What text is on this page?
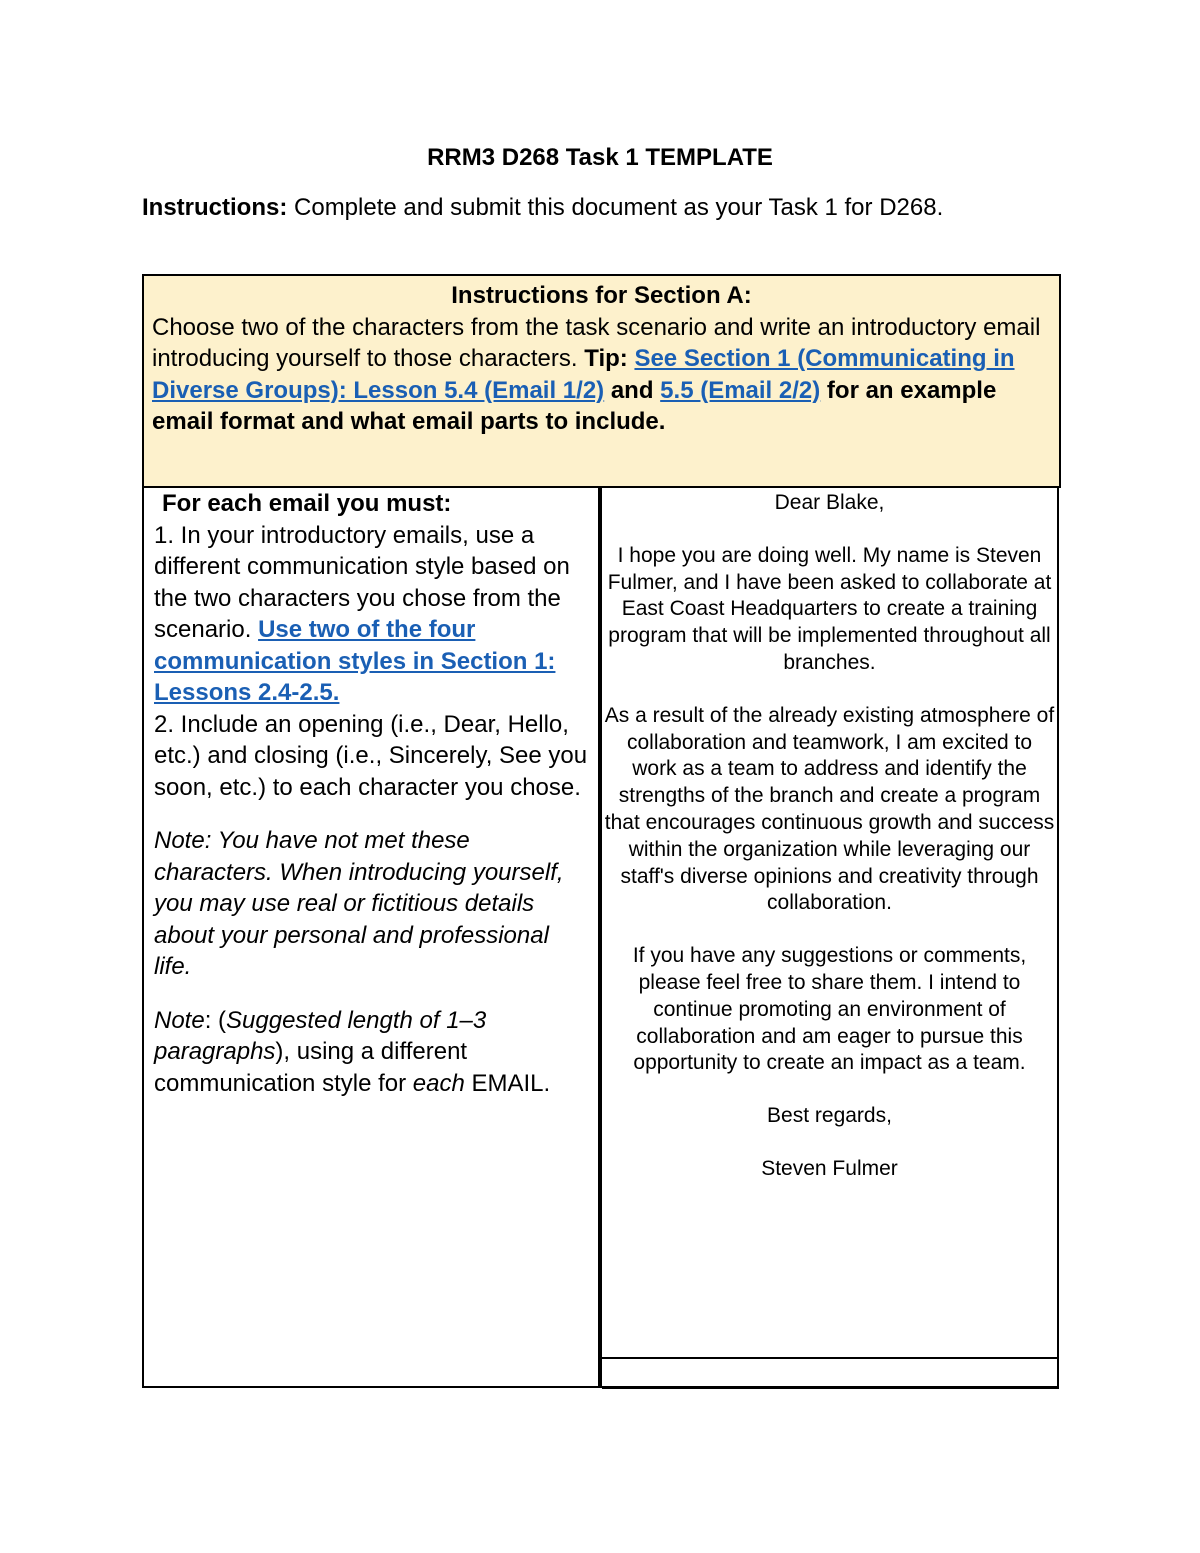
RRM3 D268 Task 1 TEMPLATE
Instructions: Complete and submit this document as your Task 1 for D268.
Instructions for Section A:
Choose two of the characters from the task scenario and write an introductory email introducing yourself to those characters. Tip: See Section 1 (Communicating in Diverse Groups): Lesson 5.4 (Email 1/2) and 5.5 (Email 2/2) for an example email format and what email parts to include.
For each email you must:
1. In your introductory emails, use a different communication style based on the two characters you chose from the scenario. Use two of the four communication styles in Section 1: Lessons 2.4-2.5.
2. Include an opening (i.e., Dear, Hello, etc.) and closing (i.e., Sincerely, See you soon, etc.) to each character you chose.
Note: You have not met these characters. When introducing yourself, you may use real or fictitious details about your personal and professional life.
Note: (Suggested length of 1–3 paragraphs), using a different communication style for each EMAIL.

Dear Blake,

I hope you are doing well. My name is Steven Fulmer, and I have been asked to collaborate at East Coast Headquarters to create a training program that will be implemented throughout all branches.

As a result of the already existing atmosphere of collaboration and teamwork, I am excited to work as a team to address and identify the strengths of the branch and create a program that encourages continuous growth and success within the organization while leveraging our staff's diverse opinions and creativity through collaboration.

If you have any suggestions or comments, please feel free to share them. I intend to continue promoting an environment of collaboration and am eager to pursue this opportunity to create an impact as a team.

Best regards,

Steven Fulmer
